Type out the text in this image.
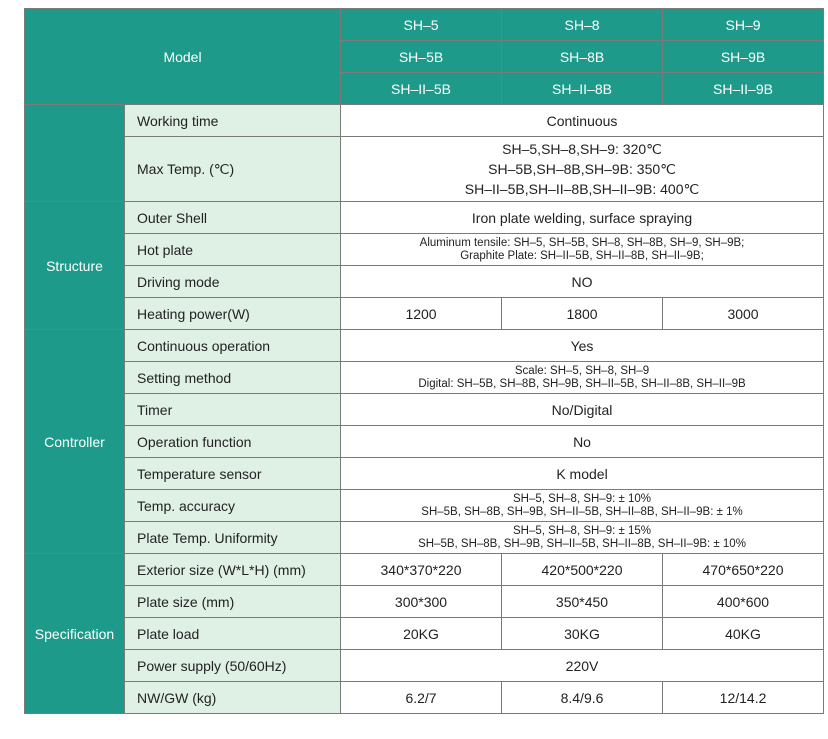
Model		SH–5	SH–8	SH–9
		SH–5B	SH–8B	SH–9B
		SH–II–5B	SH–II–8B	SH–II–9B
	Working time	Continuous		
	Max Temp. (℃)	SH–5,SH–8,SH–9: 320℃
SH–5B,SH–8B,SH–9B: 350℃
SH–II–5B,SH–II–8B,SH–II–9B: 400℃		

Structure	Outer Shell	Iron plate welding, surface spraying		
	Hot plate	Aluminum tensile: SH–5, SH–5B, SH–8, SH–8B, SH–9, SH–9B;
Graphite Plate: SH–II–5B, SH–II–8B, SH–II–9B;		

	Driving mode	NO		
	Heating power(W)	1200	1800	3000
Controller	Continuous operation	Yes		
	Setting method	Scale: SH–5, SH–8, SH–9
Digital: SH–5B, SH–8B, SH–9B, SH–II–5B, SH–II–8B, SH–II–9B		

	Timer	No/Digital		
	Operation function	No		
	Temperature sensor	K model		
	Temp. accuracy	SH–5, SH–8, SH–9: ± 10%
SH–5B, SH–8B, SH–9B, SH–II–5B, SH–II–8B, SH–II–9B: ± 1%		

	Plate Temp. Uniformity	SH–5, SH–8, SH–9: ± 15%
SH–5B, SH–8B, SH–9B, SH–II–5B, SH–II–8B, SH–II–9B: ± 10%		

Specification	Exterior size (W*L*H) (mm)	340*370*220	420*500*220	470*650*220
	Plate size (mm)	300*300	350*450	400*600
	Plate load	20KG	30KG	40KG
	Power supply (50/60Hz)	220V		
	NW/GW (kg)	6.2/7	8.4/9.6	12/14.2
